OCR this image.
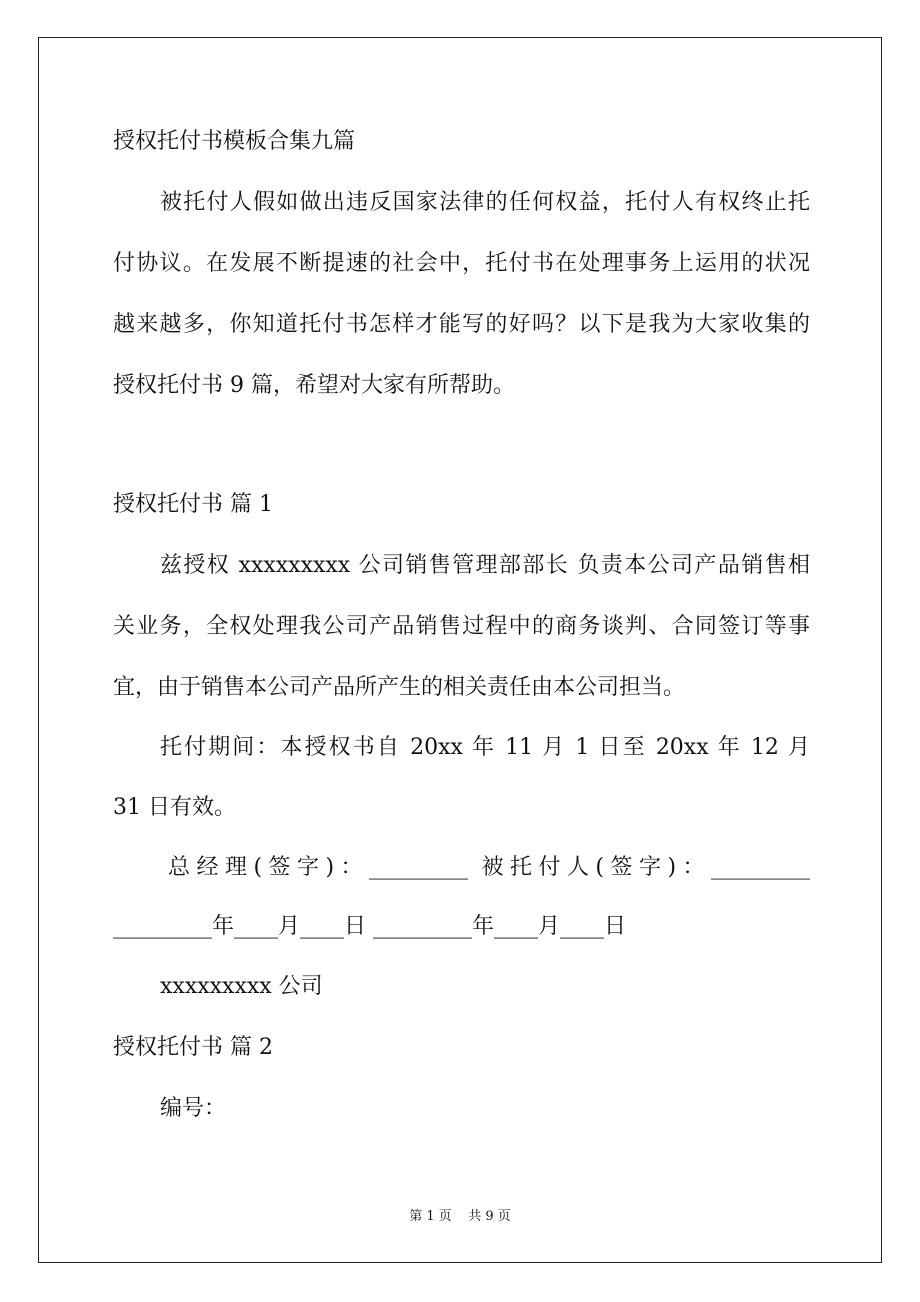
授权托付书模板合集九篇
被托付人假如做出违反国家法律的任何权益，托付人有权终止托
付协议。在发展不断提速的社会中，托付书在处理事务上运用的状况
越来越多，你知道托付书怎样才能写的好吗？以下是我为大家收集的
授权托付书 9 篇，希望对大家有所帮助。
授权托付书 篇 1
兹授权 xxxxxxxxx 公司销售管理部部长 负责本公司产品销售相
关业务，全权处理我公司产品销售过程中的商务谈判、合同签订等事
宜，由于销售本公司产品所产生的相关责任由本公司担当。
托付期间：本授权书自 20xx 年 11 月 1 日至 20xx 年 12 月
31 日有效。
总经理(签字)：_________ 被托付人(签字)：_________
_________年____月____日 _________年____月____日
xxxxxxxxx 公司
授权托付书 篇 2
编号：
第 1 页    共 9 页
